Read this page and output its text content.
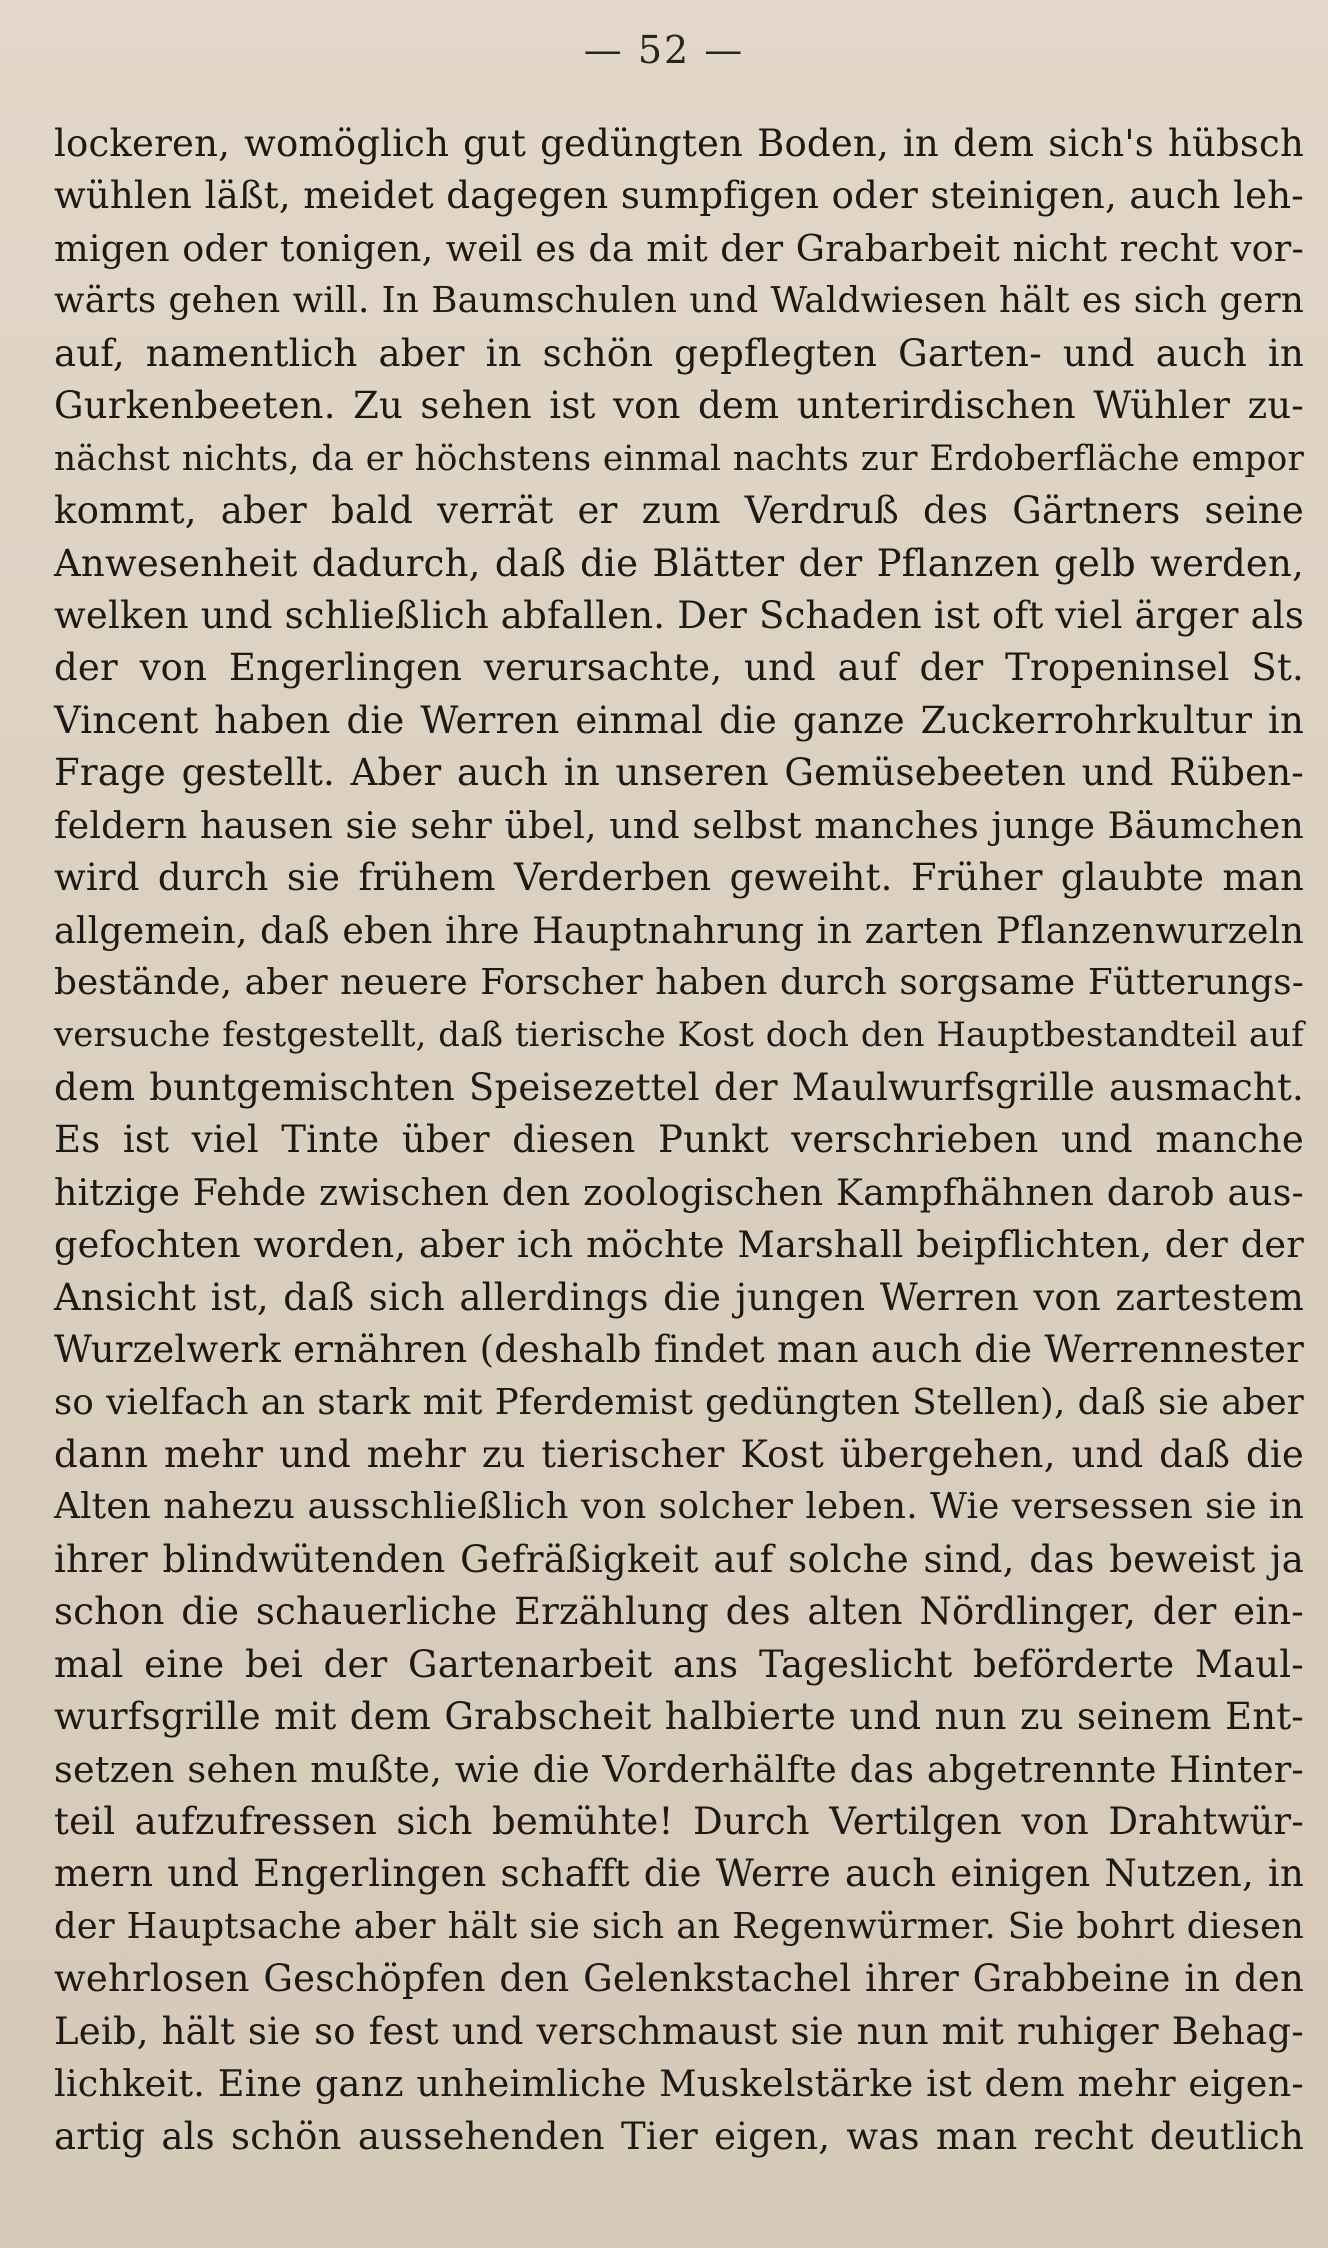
— 52 —
lockeren, womöglich gut gedüngten Boden, in dem sich's hübsch
wühlen läßt, meidet dagegen sumpfigen oder steinigen, auch leh-
migen oder tonigen, weil es da mit der Grabarbeit nicht recht vor-
wärts gehen will. In Baumschulen und Waldwiesen hält es sich gern
auf, namentlich aber in schön gepflegten Garten- und auch in
Gurkenbeeten. Zu sehen ist von dem unterirdischen Wühler zu-
nächst nichts, da er höchstens einmal nachts zur Erdoberfläche empor
kommt, aber bald verrät er zum Verdruß des Gärtners seine
Anwesenheit dadurch, daß die Blätter der Pflanzen gelb werden,
welken und schließlich abfallen. Der Schaden ist oft viel ärger als
der von Engerlingen verursachte, und auf der Tropeninsel St.
Vincent haben die Werren einmal die ganze Zuckerrohrkultur in
Frage gestellt. Aber auch in unseren Gemüsebeeten und Rüben-
feldern hausen sie sehr übel, und selbst manches junge Bäumchen
wird durch sie frühem Verderben geweiht. Früher glaubte man
allgemein, daß eben ihre Hauptnahrung in zarten Pflanzenwurzeln
bestände, aber neuere Forscher haben durch sorgsame Fütterungs-
versuche festgestellt, daß tierische Kost doch den Hauptbestandteil auf
dem buntgemischten Speisezettel der Maulwurfsgrille ausmacht.
Es ist viel Tinte über diesen Punkt verschrieben und manche
hitzige Fehde zwischen den zoologischen Kampfhähnen darob aus-
gefochten worden, aber ich möchte Marshall beipflichten, der der
Ansicht ist, daß sich allerdings die jungen Werren von zartestem
Wurzelwerk ernähren (deshalb findet man auch die Werrennester
so vielfach an stark mit Pferdemist gedüngten Stellen), daß sie aber
dann mehr und mehr zu tierischer Kost übergehen, und daß die
Alten nahezu ausschließlich von solcher leben. Wie versessen sie in
ihrer blindwütenden Gefräßigkeit auf solche sind, das beweist ja
schon die schauerliche Erzählung des alten Nördlinger, der ein-
mal eine bei der Gartenarbeit ans Tageslicht beförderte Maul-
wurfsgrille mit dem Grabscheit halbierte und nun zu seinem Ent-
setzen sehen mußte, wie die Vorderhälfte das abgetrennte Hinter-
teil aufzufressen sich bemühte! Durch Vertilgen von Drahtwür-
mern und Engerlingen schafft die Werre auch einigen Nutzen, in
der Hauptsache aber hält sie sich an Regenwürmer. Sie bohrt diesen
wehrlosen Geschöpfen den Gelenkstachel ihrer Grabbeine in den
Leib, hält sie so fest und verschmaust sie nun mit ruhiger Behag-
lichkeit. Eine ganz unheimliche Muskelstärke ist dem mehr eigen-
artig als schön aussehenden Tier eigen, was man recht deutlich
